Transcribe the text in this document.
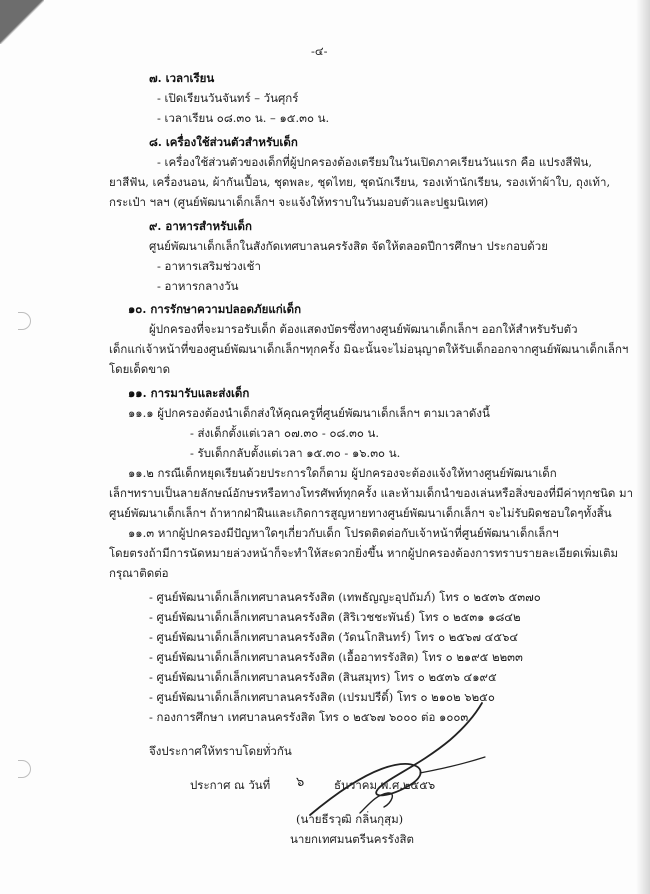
-๔-
๗. เวลาเรียน
- เปิดเรียนวันจันทร์ – วันศุกร์
- เวลาเรียน ๐๘.๓๐ น. – ๑๕.๓๐ น.
๘. เครื่องใช้ส่วนตัวสำหรับเด็ก
- เครื่องใช้ส่วนตัวของเด็กที่ผู้ปกครองต้องเตรียมในวันเปิดภาคเรียนวันแรก คือ แปรงสีฟัน,
ยาสีฟัน, เครื่องนอน, ผ้ากันเปื้อน, ชุดพละ, ชุดไทย, ชุดนักเรียน, รองเท้านักเรียน, รองเท้าผ้าใบ, ถุงเท้า,
กระเป๋า ฯลฯ (ศูนย์พัฒนาเด็กเล็กฯ จะแจ้งให้ทราบในวันมอบตัวและปฐมนิเทศ)
๙. อาหารสำหรับเด็ก
ศูนย์พัฒนาเด็กเล็กในสังกัดเทศบาลนครรังสิต จัดให้ตลอดปีการศึกษา ประกอบด้วย
- อาหารเสริมช่วงเช้า
- อาหารกลางวัน
๑๐. การรักษาความปลอดภัยแก่เด็ก
ผู้ปกครองที่จะมารอรับเด็ก ต้องแสดงบัตรซึ่งทางศูนย์พัฒนาเด็กเล็กฯ ออกให้สำหรับรับตัว
เด็กแก่เจ้าหน้าที่ของศูนย์พัฒนาเด็กเล็กฯทุกครั้ง มิฉะนั้นจะไม่อนุญาตให้รับเด็กออกจากศูนย์พัฒนาเด็กเล็กฯ
โดยเด็ดขาด
๑๑. การมารับและส่งเด็ก
๑๑.๑ ผู้ปกครองต้องนำเด็กส่งให้คุณครูที่ศูนย์พัฒนาเด็กเล็กฯ ตามเวลาดังนี้
- ส่งเด็กตั้งแต่เวลา ๐๗.๓๐ - ๐๘.๓๐ น.
- รับเด็กกลับตั้งแต่เวลา ๑๕.๓๐ - ๑๖.๓๐ น.
๑๑.๒ กรณีเด็กหยุดเรียนด้วยประการใดก็ตาม ผู้ปกครองจะต้องแจ้งให้ทางศูนย์พัฒนาเด็ก
เล็กฯทราบเป็นลายลักษณ์อักษรหรือทางโทรศัพท์ทุกครั้ง และห้ามเด็กนำของเล่นหรือสิ่งของที่มีค่าทุกชนิด มา
ศูนย์พัฒนาเด็กเล็กฯ ถ้าหากฝ่าฝืนและเกิดการสูญหายทางศูนย์พัฒนาเด็กเล็กฯ จะไม่รับผิดชอบใดๆทั้งสิ้น
๑๑.๓ หากผู้ปกครองมีปัญหาใดๆเกี่ยวกับเด็ก โปรดติดต่อกับเจ้าหน้าที่ศูนย์พัฒนาเด็กเล็กฯ
โดยตรงถ้ามีการนัดหมายล่วงหน้าก็จะทำให้สะดวกยิ่งขึ้น หากผู้ปกครองต้องการทราบรายละเอียดเพิ่มเติม
กรุณาติดต่อ
- ศูนย์พัฒนาเด็กเล็กเทศบาลนครรังสิต (เทพธัญญะอุปถัมภ์) โทร ๐ ๒๕๓๖ ๕๓๗๐
- ศูนย์พัฒนาเด็กเล็กเทศบาลนครรังสิต (สิริเวชชะพันธ์) โทร ๐ ๒๕๓๑ ๑๘๔๒
- ศูนย์พัฒนาเด็กเล็กเทศบาลนครรังสิต (วัดนโกสินทร์) โทร ๐ ๒๕๖๗ ๔๕๖๔
- ศูนย์พัฒนาเด็กเล็กเทศบาลนครรังสิต (เอื้ออาทรรังสิต) โทร ๐ ๒๑๙๕ ๒๒๓๓
- ศูนย์พัฒนาเด็กเล็กเทศบาลนครรังสิต (สินสมุทร) โทร ๐ ๒๕๓๖ ๔๑๙๕
- ศูนย์พัฒนาเด็กเล็กเทศบาลนครรังสิต (เปรมปรีดิ์) โทร ๐ ๒๑๐๒ ๖๒๕๐
- กองการศึกษา เทศบาลนครรังสิต โทร ๐ ๒๕๖๗ ๖๐๐๐ ต่อ ๑๐๐๓
จึงประกาศให้ทราบโดยทั่วกัน
ประกาศ ณ วันที่ ๖	ธันวาคม พ.ศ.๒๕๕๖
(นายธีรวุฒิ กลิ่นกุสุม)
นายกเทศมนตรีนครรังสิต
